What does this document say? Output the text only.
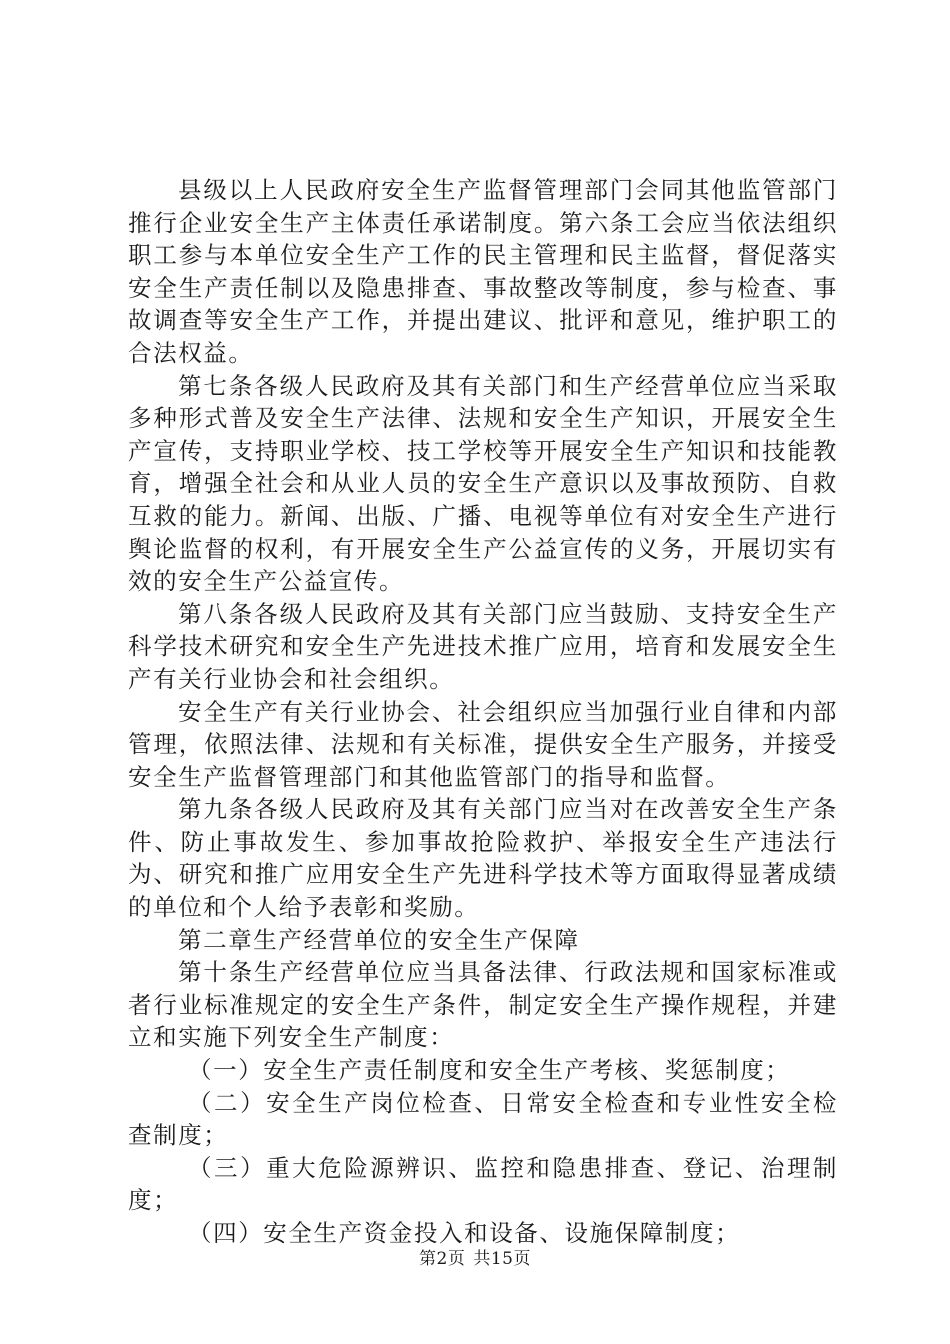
县级以上人民政府安全生产监督管理部门会同其他监管部门推行企业安全生产主体责任承诺制度。第六条工会应当依法组织职工参与本单位安全生产工作的民主管理和民主监督，督促落实安全生产责任制以及隐患排查、事故整改等制度，参与检查、事故调查等安全生产工作，并提出建议、批评和意见，维护职工的合法权益。

第七条各级人民政府及其有关部门和生产经营单位应当采取多种形式普及安全生产法律、法规和安全生产知识，开展安全生产宣传，支持职业学校、技工学校等开展安全生产知识和技能教育，增强全社会和从业人员的安全生产意识以及事故预防、自救互救的能力。新闻、出版、广播、电视等单位有对安全生产进行舆论监督的权利，有开展安全生产公益宣传的义务，开展切实有效的安全生产公益宣传。

第八条各级人民政府及其有关部门应当鼓励、支持安全生产科学技术研究和安全生产先进技术推广应用，培育和发展安全生产有关行业协会和社会组织。

安全生产有关行业协会、社会组织应当加强行业自律和内部管理，依照法律、法规和有关标准，提供安全生产服务，并接受安全生产监督管理部门和其他监管部门的指导和监督。

第九条各级人民政府及其有关部门应当对在改善安全生产条件、防止事故发生、参加事故抢险救护、举报安全生产违法行为、研究和推广应用安全生产先进科学技术等方面取得显著成绩的单位和个人给予表彰和奖励。

第二章生产经营单位的安全生产保障

第十条生产经营单位应当具备法律、行政法规和国家标准或者行业标准规定的安全生产条件，制定安全生产操作规程，并建立和实施下列安全生产制度：

（一）安全生产责任制度和安全生产考核、奖惩制度；

（二）安全生产岗位检查、日常安全检查和专业性安全检查制度；

（三）重大危险源辨识、监控和隐患排查、登记、治理制度；

（四）安全生产资金投入和设备、设施保障制度；

第2页 共15页
